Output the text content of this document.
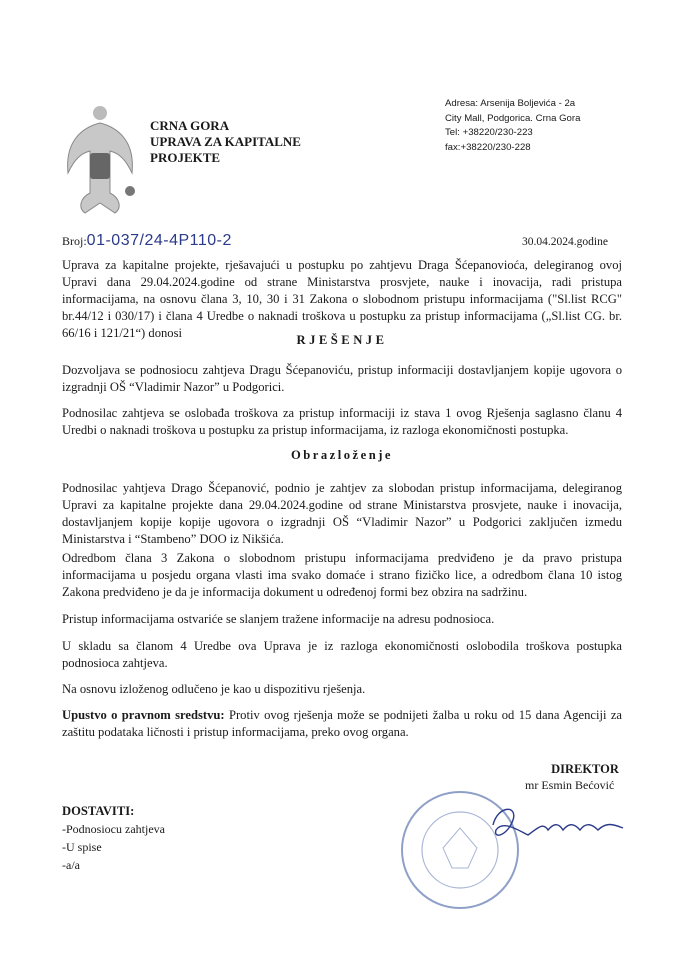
CRNA GORA
UPRAVA ZA KAPITALNE
PROJEKTE
Adresa: Arsenija Boljevića - 2a
City Mall, Podgorica. Crna Gora
Tel: +38220/230-223
fax:+38220/230-228
Broj:01-037/24-4P110-2	30.04.2024.godine
Uprava za kapitalne projekte, rješavajući u postupku po zahtjevu Draga Šćepanovioća, delegiranog ovoj Upravi dana 29.04.2024.godine od strane Ministarstva prosvjete, nauke i inovacija, radi pristupa informacijama, na osnovu člana 3, 10, 30 i 31 Zakona o slobodnom pristupu informacijama ("Sl.list RCG" br.44/12 i 030/17) i člana 4 Uredbe o naknadi troškova u postupku za pristup informacijama („Sl.list CG. br. 66/16 i 121/21“) donosi	RJEŠENJE
Dozvoljava se podnosiocu zahtjeva Dragu Šćepanoviću, pristup informaciji dostavljanjem kopije ugovora o izgradnji OŠ “Vladimir Nazor” u Podgorici.
Podnosilac zahtjeva se oslobađa troškova za pristup informaciji iz stava 1 ovog Rješenja saglasno članu 4 Uredbi o naknadi troškova u postupku za pristup informacijama, iz razloga ekonomičnosti postupka.
Obrazloženje
Podnosilac yahtjeva Drago Šćepanović, podnio je zahtjev za slobodan pristup informacijama, delegiranog Upravi za kapitalne projekte dana 29.04.2024.godine od strane Ministarstva prosvjete, nauke i inovacija, dostavljanjem kopije kopije ugovora o izgradnji OŠ “Vladimir Nazor” u Podgorici zaključen izmedu Ministarstva i “Stambeno” DOO iz Nikšića.
Odredbom člana 3 Zakona o slobodnom pristupu informacijama predviđeno je da pravo pristupa informacijama u posjedu organa vlasti ima svako domaće i strano fizičko lice, a odredbom člana 10 istog Zakona predviđeno je da je informacija dokument u određenoj formi bez obzira na sadržinu.
Pristup informacijama ostvariće se slanjem tražene informacije na adresu podnosioca.
U skladu sa članom 4 Uredbe ova Uprava je iz razloga ekonomičnosti oslobodila troškova postupka podnosioca zahtjeva.
Na osnovu izloženog odlučeno je kao u dispozitivu rješenja.
Upustvo o pravnom sredstvu: Protiv ovog rješenja može se podnijeti žalba u roku od 15 dana Agenciji za zaštitu podataka ličnosti i pristup informacijama, preko ovog organa.
DIREKTOR
mr Esmin Bećović
DOSTAVITI:
-Podnosiocu zahtjeva
-U spise
-a/a
